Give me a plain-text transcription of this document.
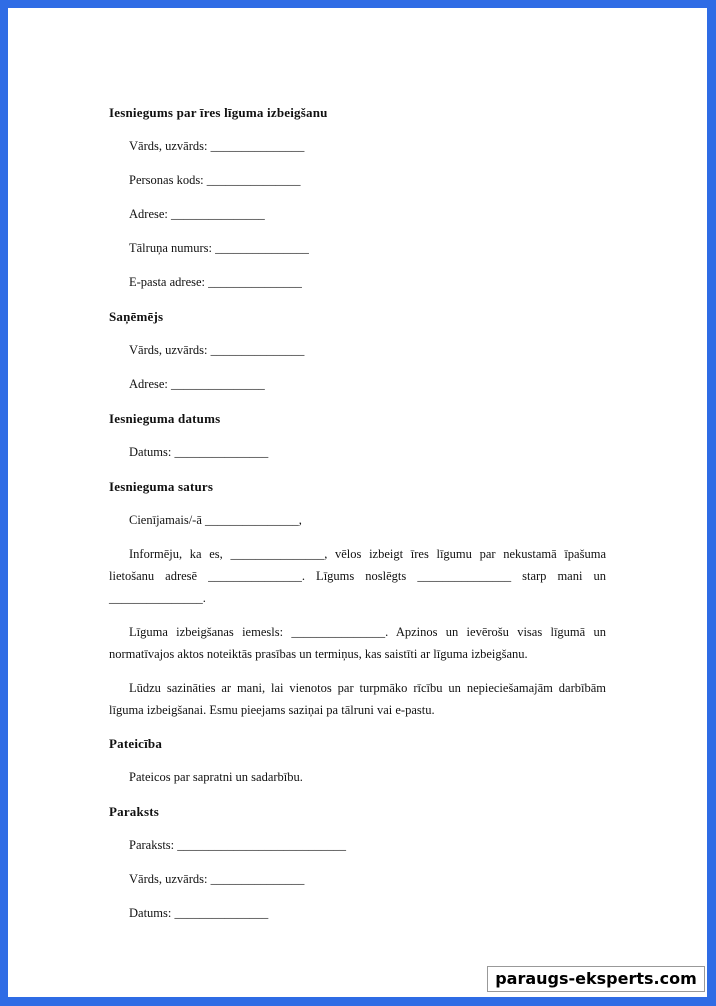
Iesniegums par īres līguma izbeigšanu
Vārds, uzvārds: _______________
Personas kods: _______________
Adrese: _______________
Tālruņa numurs: _______________
E-pasta adrese: _______________
Saņēmējs
Vārds, uzvārds: _______________
Adrese: _______________
Iesnieguma datums
Datums: _______________
Iesnieguma saturs
Cienījamais/-ā _______________,

Informēju, ka es, _______________, vēlos izbeigt īres līgumu par nekustamā īpašuma lietošanu adresē _______________. Līgums noslēgts _______________ starp mani un _______________.

Līguma izbeigšanas iemesls: _______________. Apzinos un ievērošu visas līgumā un normatīvajos aktos noteiktās prasības un termiņus, kas saistīti ar līguma izbeigšanu.

Lūdzu sazināties ar mani, lai vienotos par turpmāko rīcību un nepieciešamajām darbībām līguma izbeigšanai. Esmu pieejams saziņai pa tālruni vai e-pastu.

Pateicība
Pateicos par sapratni un sadarbību.
Paraksts
Paraksts: ___________________________
Vārds, uzvārds: _______________
Datums: _______________
paraugs-eksperts.com
